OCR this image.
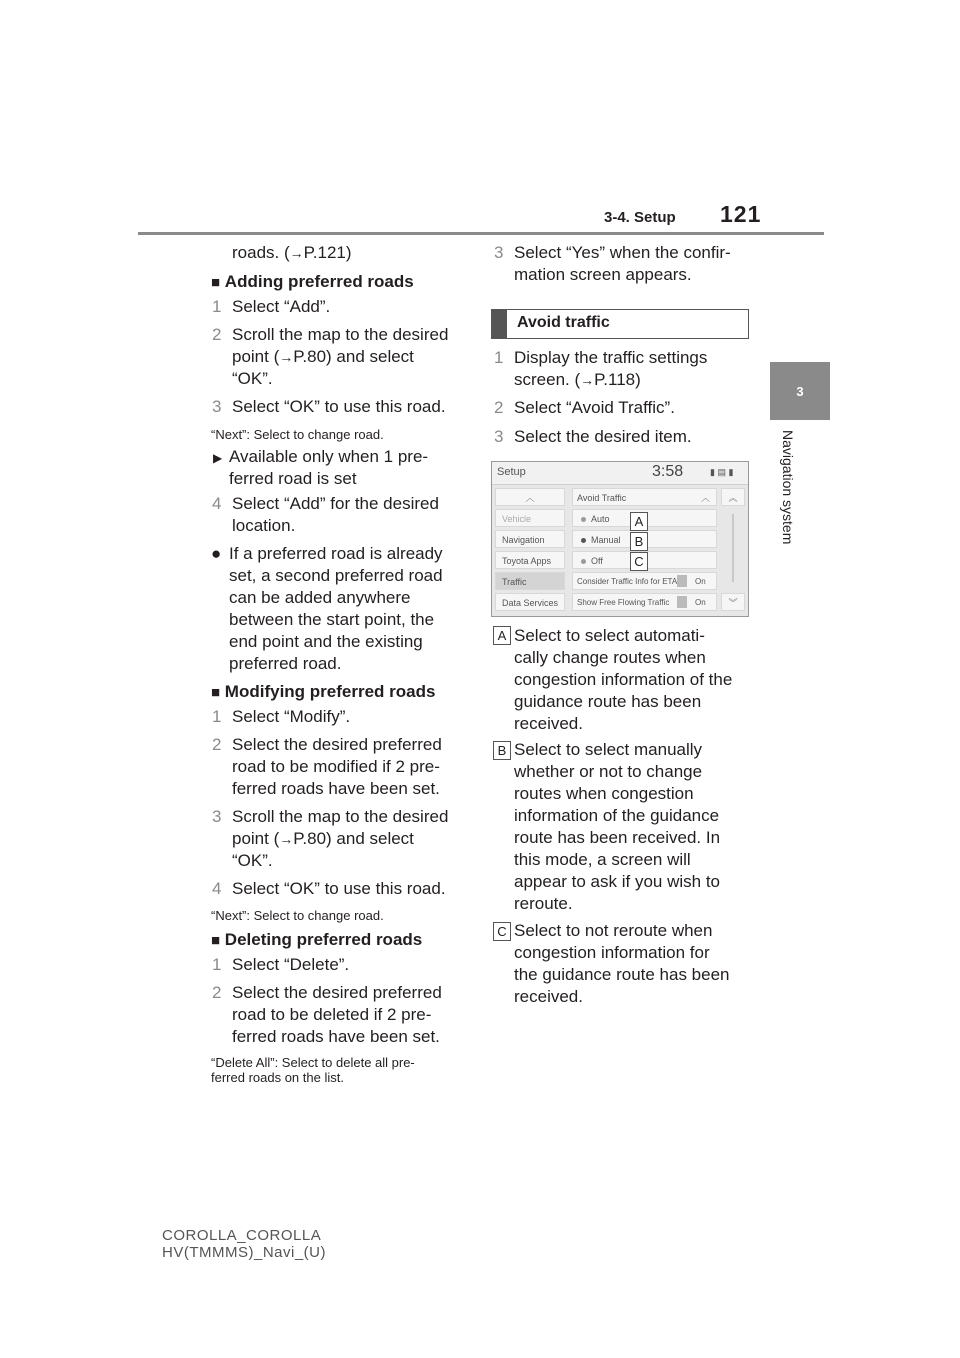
3-4. Setup 121
3
Navigation system
roads. (→P.121)
■ Adding preferred roads
1 Select “Add”.
2 Scroll the map to the desired
point (→P.80) and select
“OK”.
3 Select “OK” to use this road.
“Next”: Select to change road.
▶ Available only when 1 pre-
ferred road is set
4 Select “Add” for the desired
location.
● If a preferred road is already
set, a second preferred road
can be added anywhere
between the start point, the
end point and the existing
preferred road.
■ Modifying preferred roads
1 Select “Modify”.
2 Select the desired preferred
road to be modified if 2 pre-
ferred roads have been set.
3 Scroll the map to the desired
point (→P.80) and select
“OK”.
4 Select “OK” to use this road.
“Next”: Select to change road.
■ Deleting preferred roads
1 Select “Delete”.
2 Select the desired preferred
road to be deleted if 2 pre-
ferred roads have been set.
“Delete All”: Select to delete all pre-
ferred roads on the list.
3 Select “Yes” when the confir-
mation screen appears.
Avoid traffic
1 Display the traffic settings
screen. (→P.118)
2 Select “Avoid Traffic”.
3 Select the desired item.
Setup	3:58	▮ ▤ ▮
︿
Vehicle
Navigation
Toyota Apps
Traffic
Data Services
Avoid Traffic	︿
Auto
Manual
Off
Consider Traffic Info for ETA On
Show Free Flowing Traffic	On
︽
︾
A
B
C
A Select to select automati-
cally change routes when
congestion information of the
guidance route has been
received.
B Select to select manually
whether or not to change
routes when congestion
information of the guidance
route has been received. In
this mode, a screen will
appear to ask if you wish to
reroute.
C Select to not reroute when
congestion information for
the guidance route has been
received.
COROLLA_COROLLA
HV(TMMMS)_Navi_(U)
